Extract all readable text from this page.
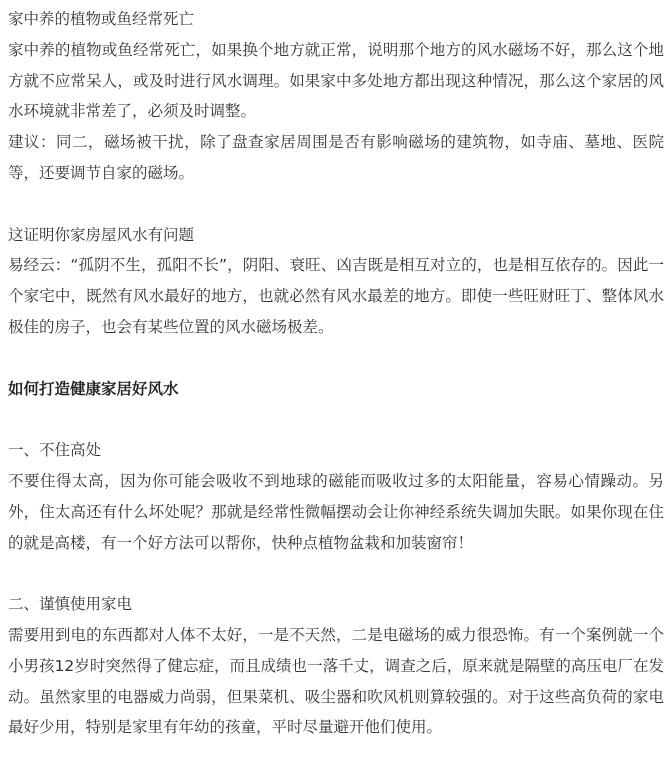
家中养的植物或鱼经常死亡

家中养的植物或鱼经常死亡，如果换个地方就正常，说明那个地方的风水磁场不好，那么这个地方就不应常呆人，或及时进行风水调理。如果家中多处地方都出现这种情况，那么这个家居的风水环境就非常差了，必须及时调整。

建议：同二，磁场被干扰，除了盘查家居周围是否有影响磁场的建筑物，如寺庙、墓地、医院等，还要调节自家的磁场。

这证明你家房屋风水有问题

易经云：“孤阴不生，孤阳不长”，阴阳、衰旺、凶吉既是相互对立的，也是相互依存的。因此一个家宅中，既然有风水最好的地方，也就必然有风水最差的地方。即使一些旺财旺丁、整体风水极佳的房子，也会有某些位置的风水磁场极差。

如何打造健康家居好风水

一、不住高处

不要住得太高，因为你可能会吸收不到地球的磁能而吸收过多的太阳能量，容易心情躁动。另外，住太高还有什么坏处呢？那就是经常性微幅摆动会让你神经系统失调加失眠。如果你现在住的就是高楼，有一个好方法可以帮你，快种点植物盆栽和加装窗帘！

二、谨慎使用家电

需要用到电的东西都对人体不太好，一是不天然，二是电磁场的威力很恐怖。有一个案例就一个小男孩12岁时突然得了健忘症，而且成绩也一落千丈，调查之后，原来就是隔壁的高压电厂在发动。虽然家里的电器威力尚弱，但果菜机、吸尘器和吹风机则算较强的。对于这些高负荷的家电最好少用，特别是家里有年幼的孩童，平时尽量避开他们使用。
